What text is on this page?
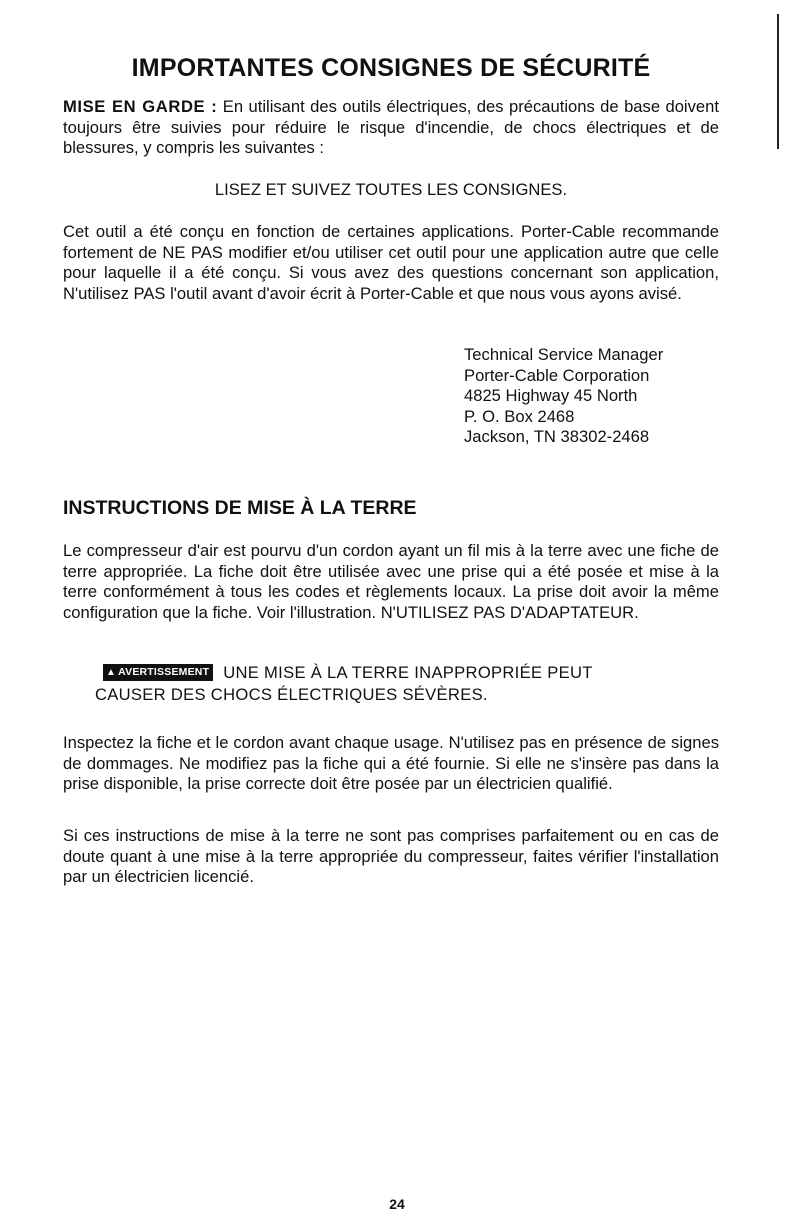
IMPORTANTES CONSIGNES DE SÉCURITÉ

MISE EN GARDE : En utilisant des outils électriques, des précautions de base doivent toujours être suivies pour réduire le risque d'incendie, de chocs électriques et de blessures, y compris les suivantes :

LISEZ ET SUIVEZ TOUTES LES CONSIGNES.

Cet outil a été conçu en fonction de certaines applications. Porter-Cable recommande fortement de NE PAS modifier et/ou utiliser cet outil pour une application autre que celle pour laquelle il a été conçu. Si vous avez des questions concernant son application, N'utilisez PAS l'outil avant d'avoir écrit à Porter-Cable et que nous vous ayons avisé.

Technical Service Manager
Porter-Cable Corporation
4825 Highway 45 North
P. O. Box 2468
Jackson, TN 38302-2468
INSTRUCTIONS DE MISE À LA TERRE

Le compresseur d'air est pourvu d'un cordon ayant un fil mis à la terre avec une fiche de terre appropriée. La fiche doit être utilisée avec une prise qui a été posée et mise à la terre conformément à tous les codes et règlements locaux. La prise doit avoir la même configuration que la fiche. Voir l'illustration. N'UTILISEZ PAS D'ADAPTATEUR.

▲ AVERTISSEMENT UNE MISE À LA TERRE INAPPROPRIÉE PEUT
CAUSER DES CHOCS ÉLECTRIQUES SÉVÈRES.

Inspectez la fiche et le cordon avant chaque usage. N'utilisez pas en présence de signes de dommages. Ne modifiez pas la fiche qui a été fournie. Si elle ne s'insère pas dans la prise disponible, la prise correcte doit être posée par un électricien qualifié.

Si ces instructions de mise à la terre ne sont pas comprises parfaitement ou en cas de doute quant à une mise à la terre appropriée du compresseur, faites vérifier l'installation par un électricien licencié.

24
